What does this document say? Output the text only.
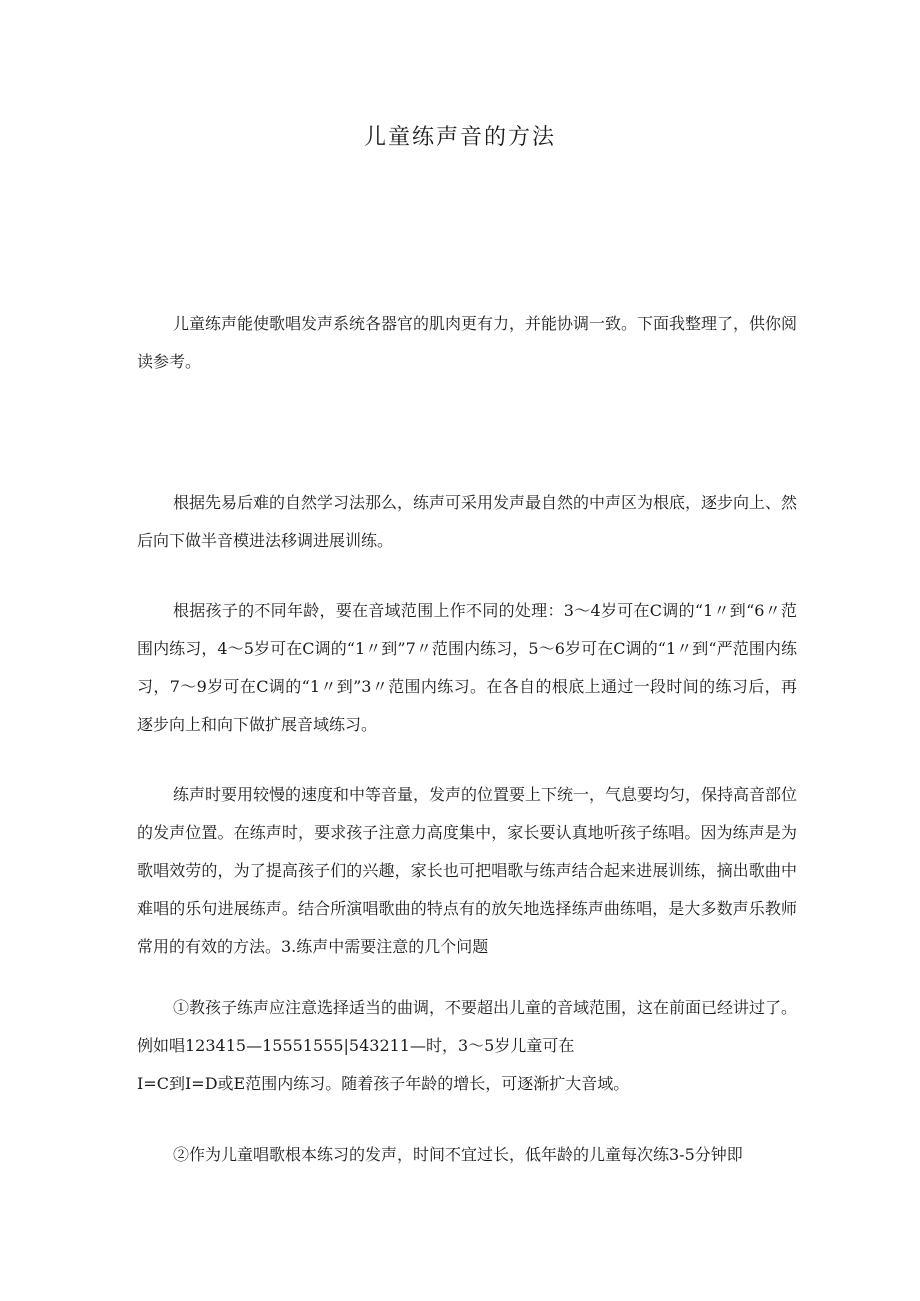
儿童练声音的方法

儿童练声能使歌唱发声系统各器官的肌肉更有力，并能协调一致。下面我整理了，供你阅读参考。

根据先易后难的自然学习法那么，练声可采用发声最自然的中声区为根底，逐步向上、然后向下做半音模进法移调进展训练。

根据孩子的不同年龄，要在音域范围上作不同的处理：3～4岁可在C调的“1〃到“6〃范围内练习，4～5岁可在C调的“1〃到”7〃范围内练习，5～6岁可在C调的“1〃到“严范围内练习，7～9岁可在C调的“1〃到”3〃范围内练习。在各自的根底上通过一段时间的练习后，再逐步向上和向下做扩展音域练习。

练声时要用较慢的速度和中等音量，发声的位置要上下统一，气息要均匀，保持高音部位的发声位置。在练声时，要求孩子注意力高度集中，家长要认真地听孩子练唱。因为练声是为歌唱效劳的，为了提高孩子们的兴趣，家长也可把唱歌与练声结合起来进展训练，摘出歌曲中难唱的乐句进展练声。结合所演唱歌曲的特点有的放矢地选择练声曲练唱，是大多数声乐教师常用的有效的方法。3.练声中需要注意的几个问题

①教孩子练声应注意选择适当的曲调，不要超出儿童的音域范围，这在前面已经讲过了。例如唱123415—15551555|543211—时，3～5岁儿童可在
I=C到I=D或E范围内练习。随着孩子年龄的增长，可逐渐扩大音域。

②作为儿童唱歌根本练习的发声，时间不宜过长，低年龄的儿童每次练3-5分钟即
